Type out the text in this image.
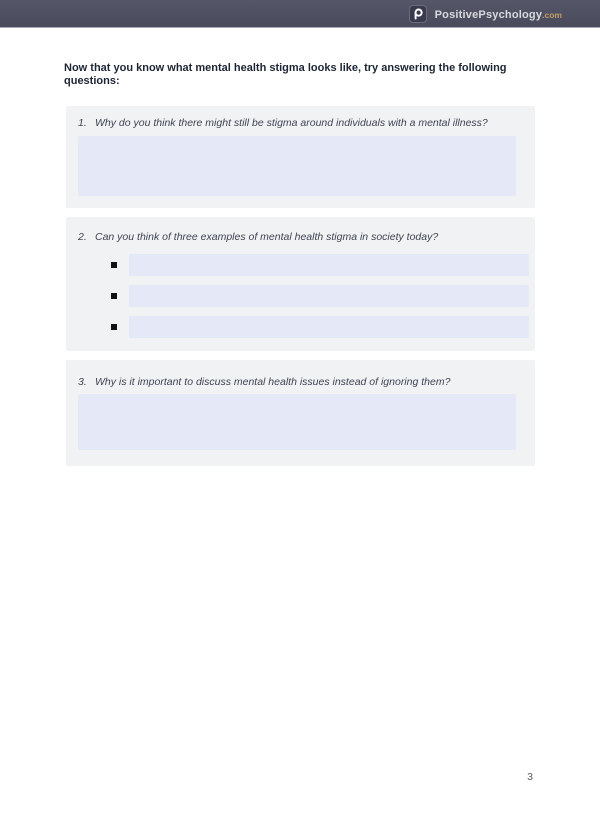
PositivePsychology.com

Now that you know what mental health stigma looks like, try answering the following questions:

1. Why do you think there might still be stigma around individuals with a mental illness?
2. Can you think of three examples of mental health stigma in society today?
3. Why is it important to discuss mental health issues instead of ignoring them?
3
